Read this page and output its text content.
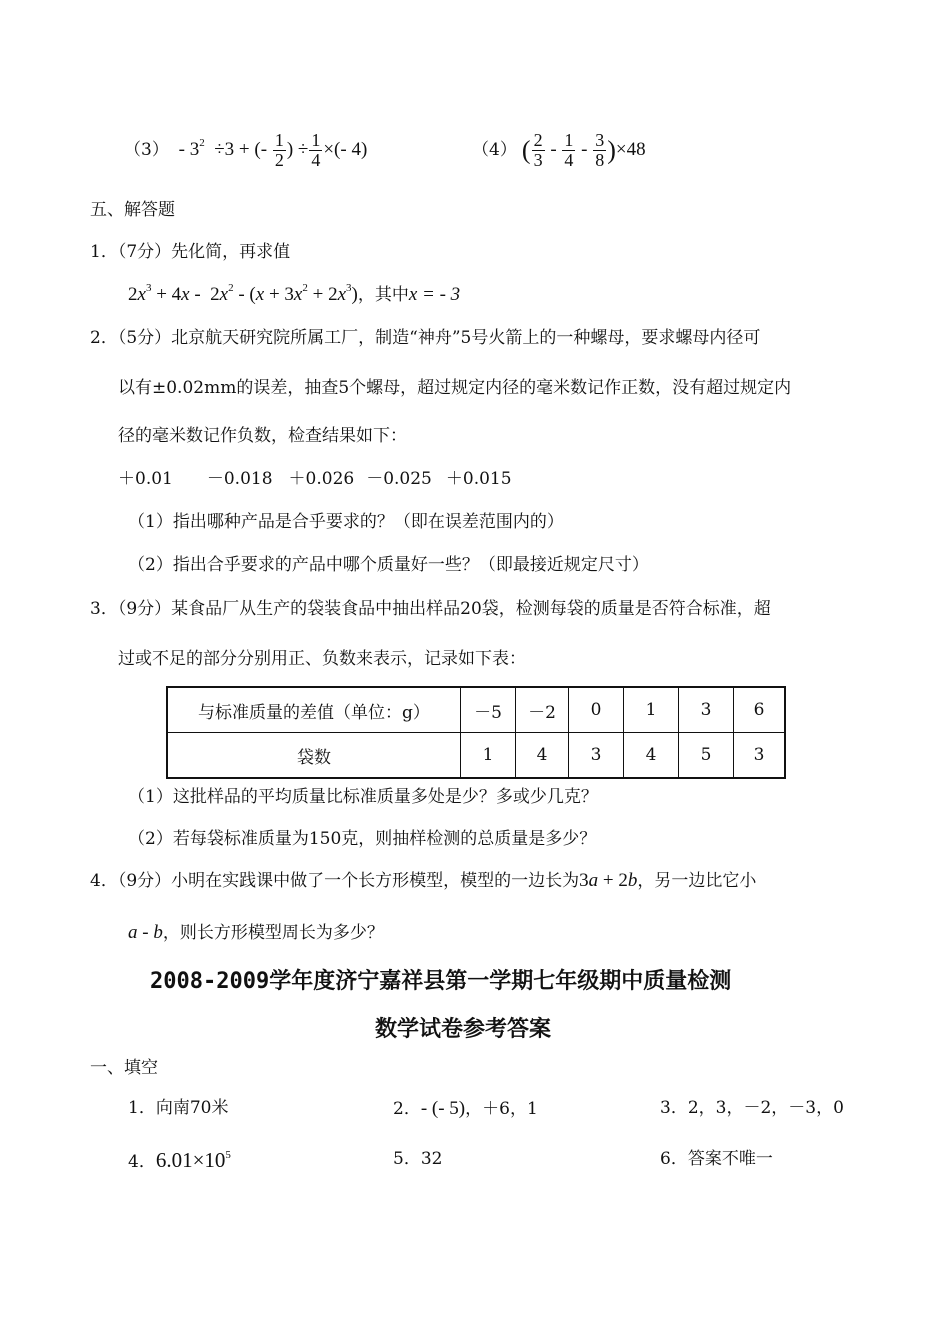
$(3) - 3^2 \div 3$ + (- $\frac{1}{2}$ ) ÷ $\frac{1}{4}$ ×(- 4)	（4） ( $\frac{2}{3} - \frac{1}{4} - \frac{3}{8} )\times 48$
五、解答题
1．（7分）先化简，再求值
$2x^3 + 4x - 2x^2 - (x + 3x^2 + 2x^3)$，其中x = - 3
2．（5分）北京航天研究院所属工厂，制造“神舟”5号火箭上的一种螺母，要求螺母内径可
以有±0.02mm的误差，抽查5个螺母，超过规定内径的毫米数记作正数，没有超过规定内
径的毫米数记作负数，检查结果如下：
＋0.01 －0.018 ＋0.026 －0.025 ＋0.015
（1）指出哪种产品是合乎要求的？（即在误差范围内的）
（2）指出合乎要求的产品中哪个质量好一些？（即最接近规定尺寸）
3．（9分）某食品厂从生产的袋装食品中抽出样品20袋，检测每袋的质量是否符合标准，超
过或不足的部分分别用正、负数来表示，记录如下表：
与标准质量的差值（单位：g）	－5	－2	0	1	3	6
袋数	1	4	3	4	5	3
（1）这批样品的平均质量比标准质量多处是少？多或少几克？
（2）若每袋标准质量为150克，则抽样检测的总质量是多少？
4．（9分）小明在实践课中做了一个长方形模型，模型的一边长为3a + 2b，另一边比它小
a - b，则长方形模型周长为多少？
2008-2009学年度济宁嘉祥县第一学期七年级期中质量检测
数学试卷参考答案
一、填空
1．向南70米	2．- (- 5)，＋6，1	3．2，3，－2，－3，0
4．$6.01\times 10^5$	5．32	6．答案不唯一
